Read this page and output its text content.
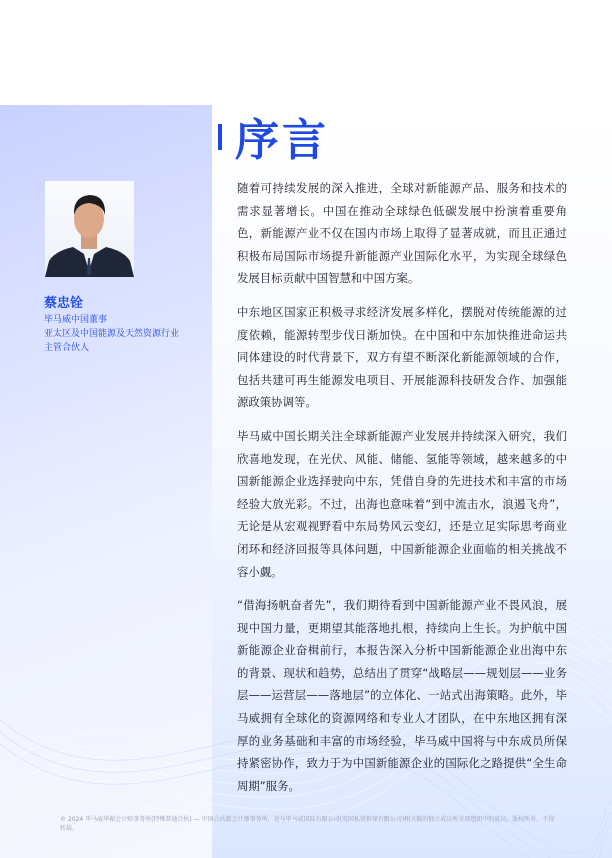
序言

蔡忠铨

毕马威中国董事

亚太区及中国能源及天然资源行业

主管合伙人

随着可持续发展的深入推进，全球对新能源产品、服务和技术的需求显著增长。中国在推动全球绿色低碳发展中扮演着重要角色，新能源产业不仅在国内市场上取得了显著成就，而且正通过积极布局国际市场提升新能源产业国际化水平，为实现全球绿色发展目标贡献中国智慧和中国方案。

中东地区国家正积极寻求经济发展多样化，摆脱对传统能源的过度依赖，能源转型步伐日渐加快。在中国和中东加快推进命运共同体建设的时代背景下，双方有望不断深化新能源领域的合作，包括共建可再生能源发电项目、开展能源科技研发合作、加强能源政策协调等。

毕马威中国长期关注全球新能源产业发展并持续深入研究，我们欣喜地发现，在光伏、风能、储能、氢能等领域，越来越多的中国新能源企业选择驶向中东，凭借自身的先进技术和丰富的市场经验大放光彩。不过，出海也意味着“到中流击水，浪遏飞舟”，无论是从宏观视野看中东局势风云变幻，还是立足实际思考商业闭环和经济回报等具体问题，中国新能源企业面临的相关挑战不容小觑。

“借海扬帆奋者先”，我们期待看到中国新能源产业不畏风浪，展现中国力量，更期望其能落地扎根，持续向上生长。为护航中国新能源企业奋楫前行，本报告深入分析中国新能源企业出海中东的背景、现状和趋势，总结出了贯穿“战略层——规划层——业务层——运营层——落地层”的立体化、一站式出海策略。此外，毕马威拥有全球化的资源网络和专业人才团队，在中东地区拥有深厚的业务基础和丰富的市场经验，毕马威中国将与中东成员所保持紧密协作，致力于为中国新能源企业的国际化之路提供“全生命周期”服务。

© 2024 毕马威华振会计师事务所(特殊普通合伙) — 中国合伙制会计师事务所，是与毕马威国际有限公司(英国私营担保有限公司)相关联的独立成员所全球组织中的成员。版权所有，不得转载。
